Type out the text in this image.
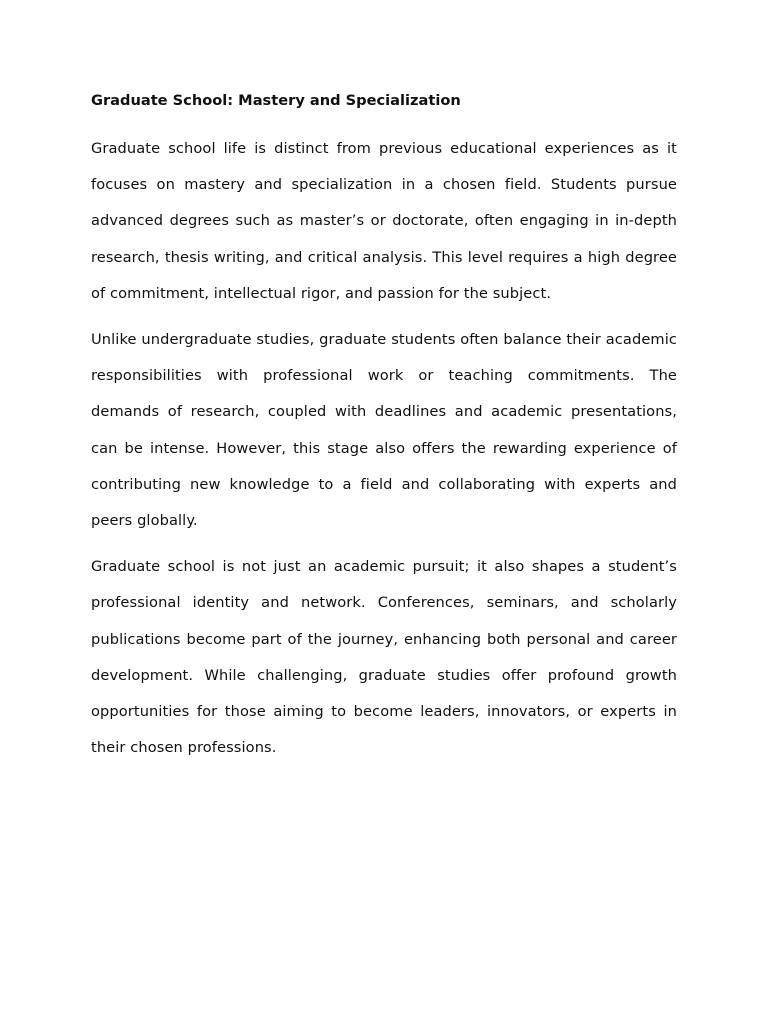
Graduate School: Mastery and Specialization

Graduate school life is distinct from previous educational experiences as it focuses on mastery and specialization in a chosen field. Students pursue advanced degrees such as master’s or doctorate, often engaging in in-depth research, thesis writing, and critical analysis. This level requires a high degree of commitment, intellectual rigor, and passion for the subject.

Unlike undergraduate studies, graduate students often balance their academic responsibilities with professional work or teaching commitments. The demands of research, coupled with deadlines and academic presentations, can be intense. However, this stage also offers the rewarding experience of contributing new knowledge to a field and collaborating with experts and peers globally.

Graduate school is not just an academic pursuit; it also shapes a student’s professional identity and network. Conferences, seminars, and scholarly publications become part of the journey, enhancing both personal and career development. While challenging, graduate studies offer profound growth opportunities for those aiming to become leaders, innovators, or experts in their chosen professions.
